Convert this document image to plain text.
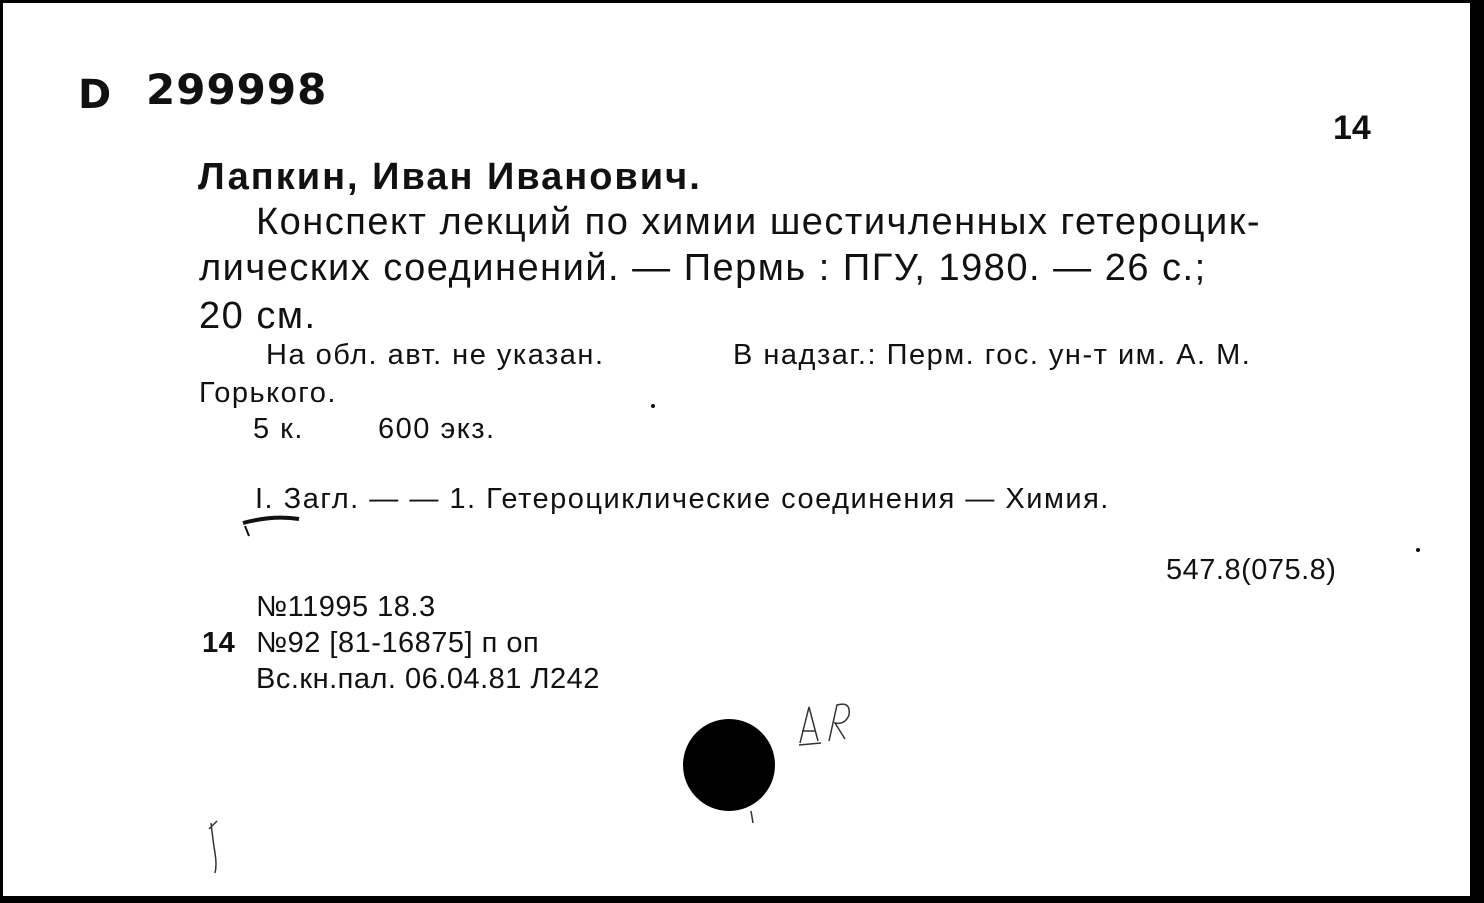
D 299998
14
Лапкин, Иван Иванович.
Конспект лекций по химии шестичленных гетероцик-
лических соединений. — Пермь : ПГУ, 1980. — 26 с.;
20 см.
На обл. авт. не указан.	В надзаг.: Перм. гос. ун-т им. А. М.
Горького.
5 к.	600 экз.
I. Загл. — — 1. Гетероциклические соединения — Химия.
547.8(075.8)
№11995 18.3
14 №92 [81-16875] п оп
Вс.кн.пал. 06.04.81 Л242
